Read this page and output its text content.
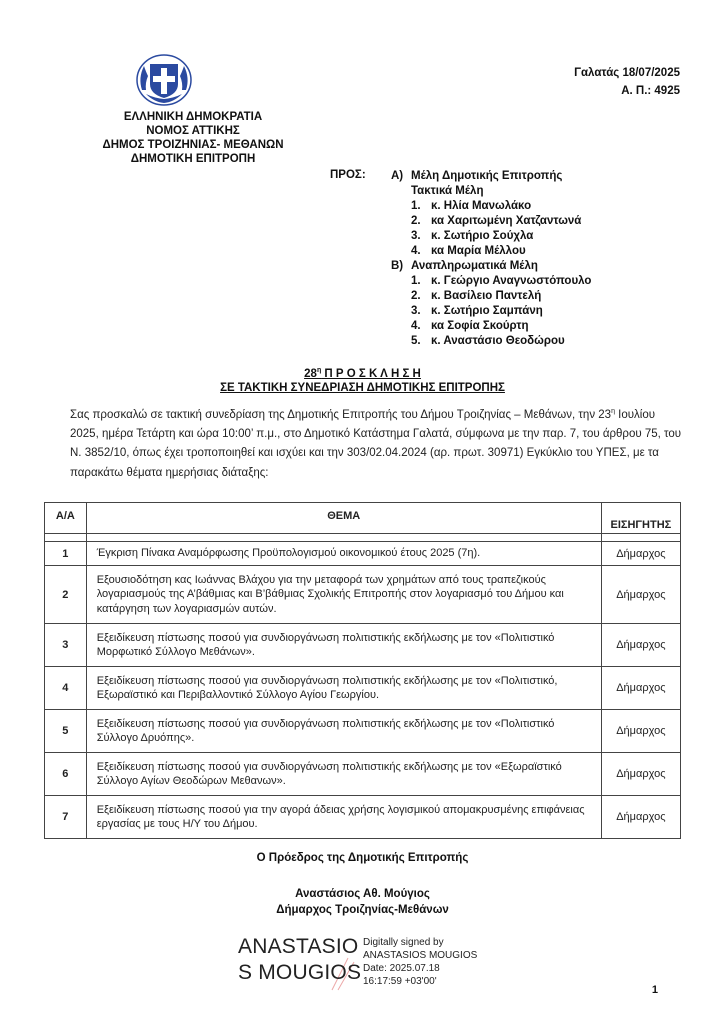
Γαλατάς 18/07/2025
Α. Π.: 4925
ΕΛΛΗΝΙΚΗ ΔΗΜΟΚΡΑΤΙΑ
ΝΟΜΟΣ ΑΤΤΙΚΗΣ
ΔΗΜΟΣ ΤΡΟΙΖΗΝΙΑΣ- ΜΕΘΑΝΩΝ
ΔΗΜΟΤΙΚΗ ΕΠΙΤΡΟΠΗ
ΠΡΟΣ: Α) Μέλη Δημοτικής Επιτροπής
Τακτικά Μέλη
1. κ. Ηλία Μανωλάκο
2. κα Χαριτωμένη Χατζαντωνά
3. κ. Σωτήριο Σούχλα
4. κα Μαρία Μέλλου
Β) Αναπληρωματικά Μέλη
1. κ. Γεώργιο Αναγνωστόπουλο
2. κ. Βασίλειο Παντελή
3. κ. Σωτήριο Σαμπάνη
4. κα Σοφία Σκούρτη
5. κ. Αναστάσιο Θεοδώρου
$28^\eta$ Π Ρ Ο Σ Κ Λ Η Σ Η
ΣΕ ΤΑΚΤΙΚΗ ΣΥΝΕΔΡΙΑΣΗ ΔΗΜΟΤΙΚΗΣ ΕΠΙΤΡΟΠΗΣ
Σας προσκαλώ σε τακτική συνεδρίαση της Δημοτικής Επιτροπής του Δήμου Τροιζηνίας – Μεθάνων, την $23^\eta$ Ιουλίου 2025, ημέρα Τετάρτη και ώρα 10:00’ π.μ., στο Δημοτικό Κατάστημα Γαλατά, σύμφωνα με την παρ. 7, του άρθρου 75, του Ν. 3852/10, όπως έχει τροποποιηθεί και ισχύει και την 303/02.04.2024 (αρ. πρωτ. 30971) Εγκύκλιο του ΥΠΕΣ, με τα παρακάτω θέματα ημερήσιας διάταξης:
Α/Α	ΘΕΜΑ	ΕΙΣΗΓΗΤΗΣ

1	Έγκριση Πίνακα Αναμόρφωσης Προϋπολογισμού οικονομικού έτους 2025 (7η).	Δήμαρχος
2	Εξουσιοδότηση κας Ιωάννας Βλάχου για την μεταφορά των χρημάτων από τους τραπεζικούς λογαριασμούς της Α’βάθμιας και Β’βάθμιας Σχολικής Επιτροπής στον λογαριασμό του Δήμου και κατάργηση των λογαριασμών αυτών.	Δήμαρχος
3	Εξειδίκευση πίστωσης ποσού για συνδιοργάνωση πολιτιστικής εκδήλωσης με τον «Πολιτιστικό Μορφωτικό Σύλλογο Μεθάνων».	Δήμαρχος
4	Εξειδίκευση πίστωσης ποσού για συνδιοργάνωση πολιτιστικής εκδήλωσης με τον «Πολιτιστικό, Εξωραϊστικό και Περιβαλλοντικό Σύλλογο Αγίου Γεωργίου.	Δήμαρχος
5	Εξειδίκευση πίστωσης ποσού για συνδιοργάνωση πολιτιστικής εκδήλωσης με τον «Πολιτιστικό Σύλλογο Δρυόπης».	Δήμαρχος
6	Εξειδίκευση πίστωσης ποσού για συνδιοργάνωση πολιτιστικής εκδήλωσης με τον «Εξωραϊστικό Σύλλογο Αγίων Θεοδώρων Μεθανων».	Δήμαρχος
7	Εξειδίκευση πίστωσης ποσού για την αγορά άδειας χρήσης λογισμικού απομακρυσμένης επιφάνειας εργασίας με τους Η/Υ του Δήμου.	Δήμαρχος
Ο Πρόεδρος της Δημοτικής Επιτροπής
Αναστάσιος Αθ. Μούγιος
Δήμαρχος Τροιζηνίας-Μεθάνων
ANASTASIO
S MOUGIOS
Digitally signed by
ANASTASIOS MOUGIOS
Date: 2025.07.18
16:17:59 +03'00'
1
